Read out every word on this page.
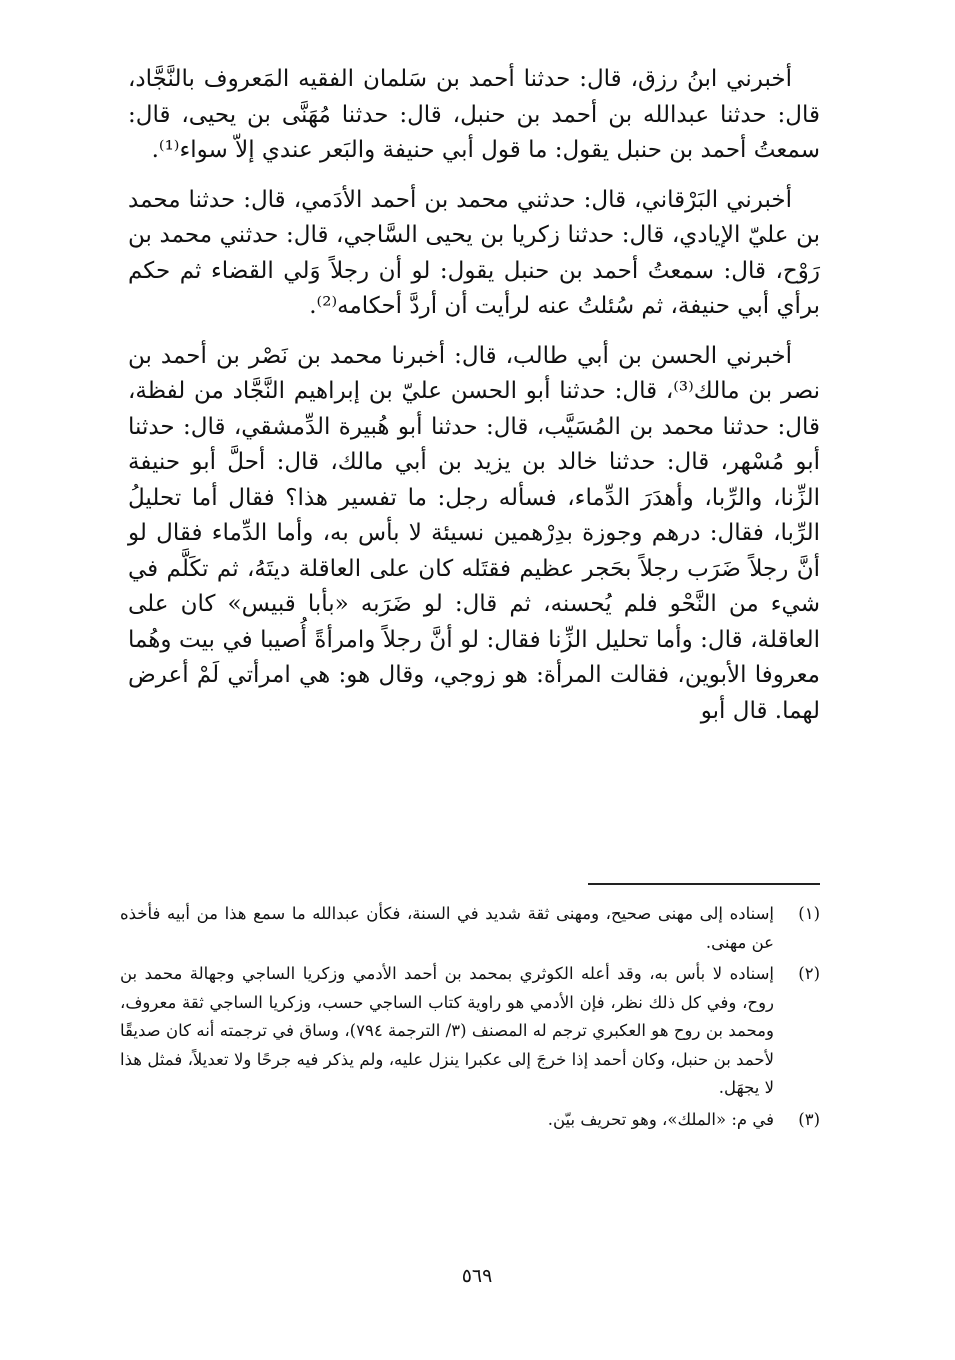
أخبرني ابنُ رزق، قال: حدثنا أحمد بن سَلمان الفقيه المَعروف بالنَّجَّاد، قال: حدثنا عبدالله بن أحمد بن حنبل، قال: حدثنا مُهَنَّى بن يحيى، قال: سمعتُ أحمد بن حنبل يقول: ما قول أبي حنيفة والبَعر عندي إلاّ سواء⁽¹⁾.

أخبرني البَرْقاني، قال: حدثني محمد بن أحمد الأدَمي، قال: حدثنا محمد بن عليّ الإيادي، قال: حدثنا زكريا بن يحيى السَّاجي، قال: حدثني محمد بن رَوْح، قال: سمعتُ أحمد بن حنبل يقول: لو أن رجلاً وَلي القضاء ثم حكم برأي أبي حنيفة، ثم سُئلتُ عنه لرأيت أن أردَّ أحكامه⁽²⁾.

أخبرني الحسن بن أبي طالب، قال: أخبرنا محمد بن نَصْر بن أحمد بن نصر بن مالك⁽³⁾، قال: حدثنا أبو الحسن عليّ بن إبراهيم النَّجَّاد من لفظة، قال: حدثنا محمد بن المُسَيَّب، قال: حدثنا أبو هُبيرة الدِّمشقي، قال: حدثنا أبو مُسْهر، قال: حدثنا خالد بن يزيد بن أبي مالك، قال: أحلَّ أبو حنيفة الزِّنا، والرِّبا، وأهدَرَ الدِّماء، فسأله رجل: ما تفسير هذا؟ فقال أما تحليلُ الرِّبا، فقال: درهم وجوزة بدِرْهمين نسيئة لا بأس به، وأما الدِّماء فقال لو أنَّ رجلاً ضَرَب رجلاً بحَجر عظيم فقتَله كان على العاقلة ديتَهُ، ثم تكَلَّم في شيء من النَّحْو فلم يُحسنه، ثم قال: لو ضَرَبه «بأبا قبيس» كان على العاقلة، قال: وأما تحليل الزِّنا فقال: لو أنَّ رجلاً وامرأةً أُصيبا في بيت وهُما معروفا الأبوين، فقالت المرأة: هو زوجي، وقال هو: هي امرأتي لَمْ أعرض لهما. قال أبو

(١)
إسناده إلى مهنى صحيح، ومهنى ثقة شديد في السنة، فكأن عبدالله ما سمع هذا من أبيه فأخذه عن مهنى.
(٢)
إسناده لا بأس به، وقد أعله الكوثري بمحمد بن أحمد الأدمي وزكريا الساجي وجهالة محمد بن روح، وفي كل ذلك نظر، فإن الأدمي هو راوية كتاب الساجي حسب، وزكريا الساجي ثقة معروف، ومحمد بن روح هو العكبري ترجم له المصنف (٣/ الترجمة ٧٩٤)، وساق في ترجمته أنه كان صديقًا لأحمد بن حنبل، وكان أحمد إذا خرجَ إلى عكبرا ينزل عليه، ولم يذكر فيه جرحًا ولا تعديلاً، فمثل هذا لا يجهَل.
(٣)
في م: «الملك»، وهو تحريف بيّن.
٥٦٩
